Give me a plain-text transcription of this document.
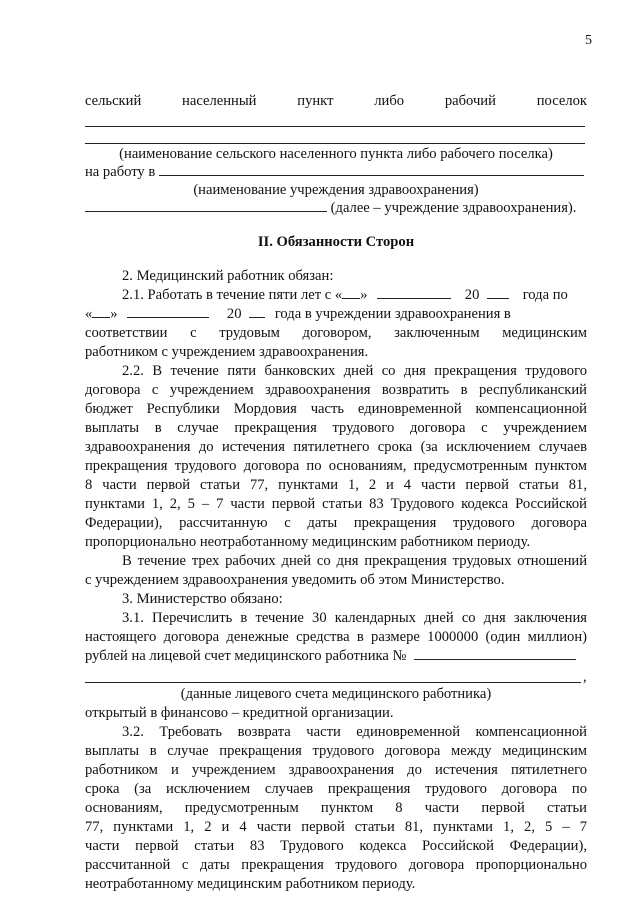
5
сельский населенный пункт либо рабочий поселок
(наименование сельского населенного пункта либо рабочего поселка)
на работу в
(наименование учреждения здравоохранения)
(далее – учреждение здравоохранения).
II. Обязанности Сторон
2. Медицинский работник обязан:
2.1. Работать в течение пяти лет с « »	20	года по
« »	20 года в учреждении здравоохранения в
соответствии с трудовым договором, заключенным медицинским
работником с учреждением здравоохранения.
2.2. В течение пяти банковских дней со дня прекращения трудового
договора с учреждением здравоохранения возвратить в республиканский
бюджет Республики Мордовия часть единовременной компенсационной
выплаты в случае прекращения трудового договора с учреждением
здравоохранения до истечения пятилетнего срока (за исключением случаев
прекращения трудового договора по основаниям, предусмотренным пунктом
8 части первой статьи 77, пунктами 1, 2 и 4 части первой статьи 81,
пунктами 1, 2, 5 – 7 части первой статьи 83 Трудового кодекса Российской
Федерации), рассчитанную с даты прекращения трудового договора
пропорционально неотработанному медицинским работником периоду.
В течение трех рабочих дней со дня прекращения трудовых отношений
с учреждением здравоохранения уведомить об этом Министерство.
3. Министерство обязано:
3.1. Перечислить в течение 30 календарных дней со дня заключения
настоящего договора денежные средства в размере 1000000 (один миллион)
рублей на лицевой счет медицинского работника №
,
(данные лицевого счета медицинского работника)
открытый в финансово – кредитной организации.
3.2. Требовать возврата части единовременной компенсационной
выплаты в случае прекращения трудового договора между медицинским
работником и учреждением здравоохранения до истечения пятилетнего
срока (за исключением случаев прекращения трудового договора по
основаниям, предусмотренным пунктом 8 части первой статьи
77, пунктами 1, 2 и 4 части первой статьи 81, пунктами 1, 2, 5 – 7
части первой статьи 83 Трудового кодекса Российской Федерации),
рассчитанной с даты прекращения трудового договора пропорционально
неотработанному медицинским работником периоду.
